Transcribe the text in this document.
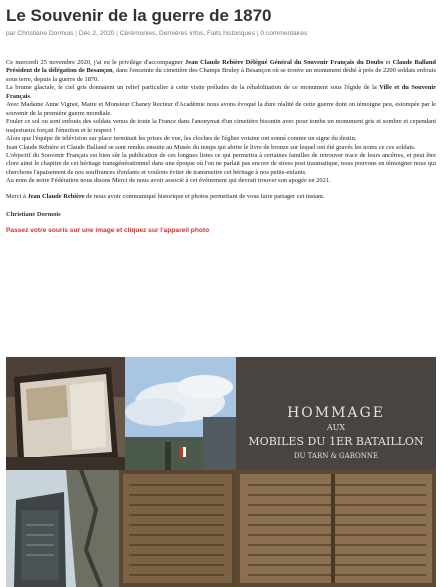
Le Souvenir de la guerre de 1870
par Christiane Dormois | Déc 2, 2020 | Cérémonies, Dernières infos, Faits historiques | 0 commentaires

Ce mercredi 25 novembre 2020, j'ai eu le privilège d'accompagner Jean Claude Rebière Délégué Général du Souvenir Français du Doubs et Claude Balland Président de la délégation de Besançon, dans l'enceinte du cimetière des Champs Bruley à Besançon où se trouve un monument dédié à près de 2200 soldats enfouis sous terre, depuis la guerre de 1870.

La brume glaciale, le ciel gris donnaient un relief particulier à cette visite préludes de la réhabilitation de ce monument sous l'égide de la Ville et du Souvenir Français.

Avec Madame Anne Vignot, Maire et Monsieur Chaney Recteur d'Académie nous avons évoqué la dure réalité de cette guerre dont on témoigne peu, estompée par le souvenir de la première guerre mondiale.

Fouler ce sol ou sont enfouis des soldats venus de toute la France dans l'anonymat d'un cimetière bisontin avec pour tombe un monument gris et sombre et cependant majestueux forçait l'émotion et le respect !

Alors que l'équipe de télévision sur place terminait les prises de vue, les cloches de l'église voisine ont sonné comme un signe du destin.

Jean Claude Rebière et Claude Balland se sont rendus ensuite au Musée du temps qui abrite le livre de bronze sur lequel ont été gravés les noms ce ces soldats.

L'objectif du Souvenir Français est bien sûr la publication de ces longues listes ce qui permettra à certaines familles de retrouver trace de leurs ancêtres, et peut être clore ainsi le chapitre de cet héritage transgénérationnel dans une époque où l'on ne parlait pas encore de stress post traumatique, nous pouvons en témoigner nous qui cherchons l'apaisement de nos souffrances d'enfants et voulons éviter de transmettre cet héritage à nos petits-enfants.

Au nom de notre Fédération nous disons Merci de nous avoir associé à cet événement qui devrait trouver son apogée en 2021.

Merci à Jean Claude Rebière de nous avoir communiqué historique et photos permettant de vous faire partager cet instant.

Christiane Dormois
Passez votre souris sur une image et cliquez sur l'appareil photo
HOMMAGE
AUX
MOBILES DU 1ER BATAILLON
DU TARN & GARONNE
